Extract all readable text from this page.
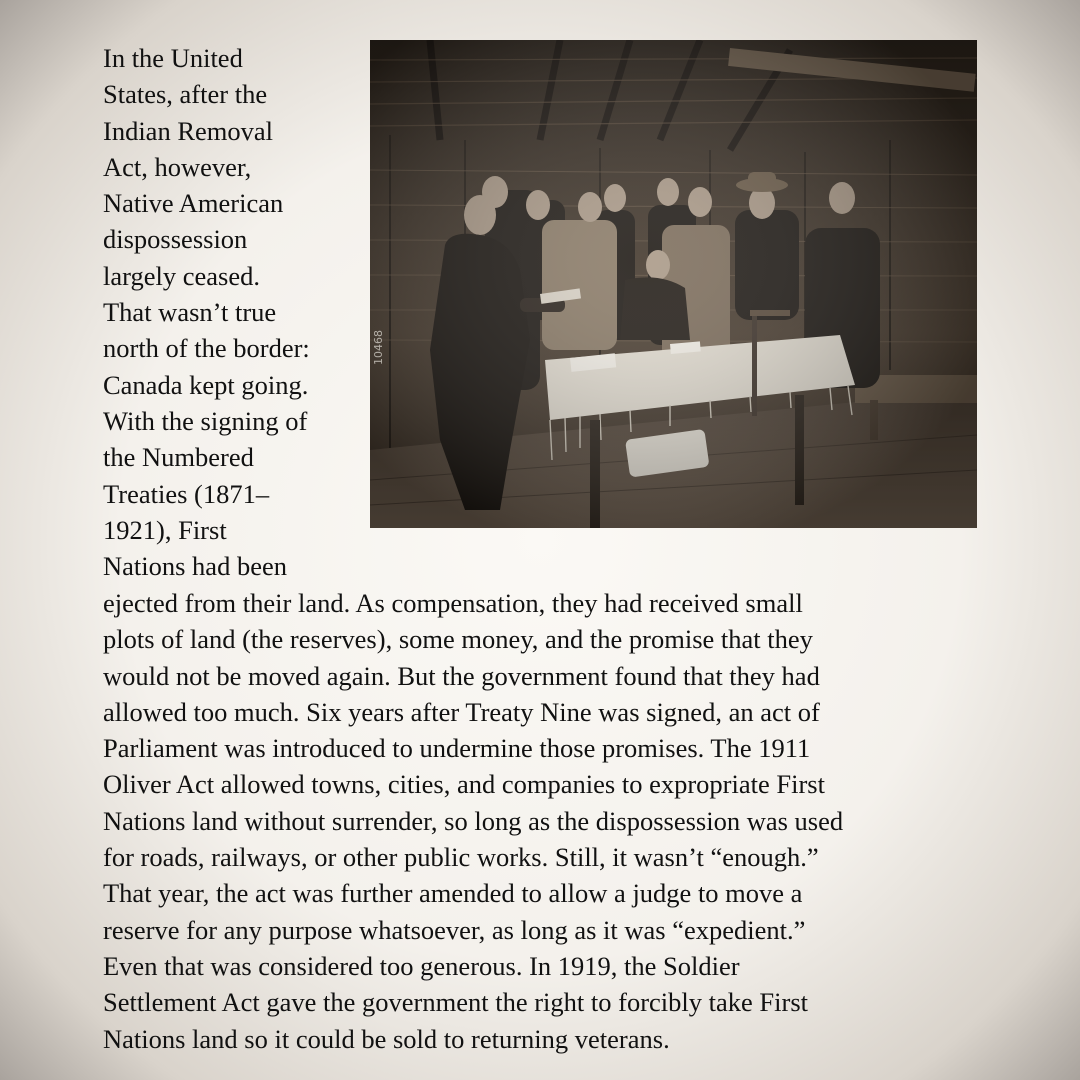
In the United
States, after the
Indian Removal
Act, however,
Native American
dispossession
largely ceased.
That wasn’t true
north of the border:
Canada kept going.
With the signing of
the Numbered
Treaties (1871–
1921), First
Nations had been
ejected from their land. As compensation, they had received small
plots of land (the reserves), some money, and the promise that they
would not be moved again. But the government found that they had
allowed too much. Six years after Treaty Nine was signed, an act of
Parliament was introduced to undermine those promises. The 1911
Oliver Act allowed towns, cities, and companies to expropriate First
Nations land without surrender, so long as the dispossession was used
for roads, railways, or other public works. Still, it wasn’t “enough.”
That year, the act was further amended to allow a judge to move a
reserve for any purpose whatsoever, as long as it was “expedient.”
Even that was considered too generous. In 1919, the Soldier
Settlement Act gave the government the right to forcibly take First
Nations land so it could be sold to returning veterans.
